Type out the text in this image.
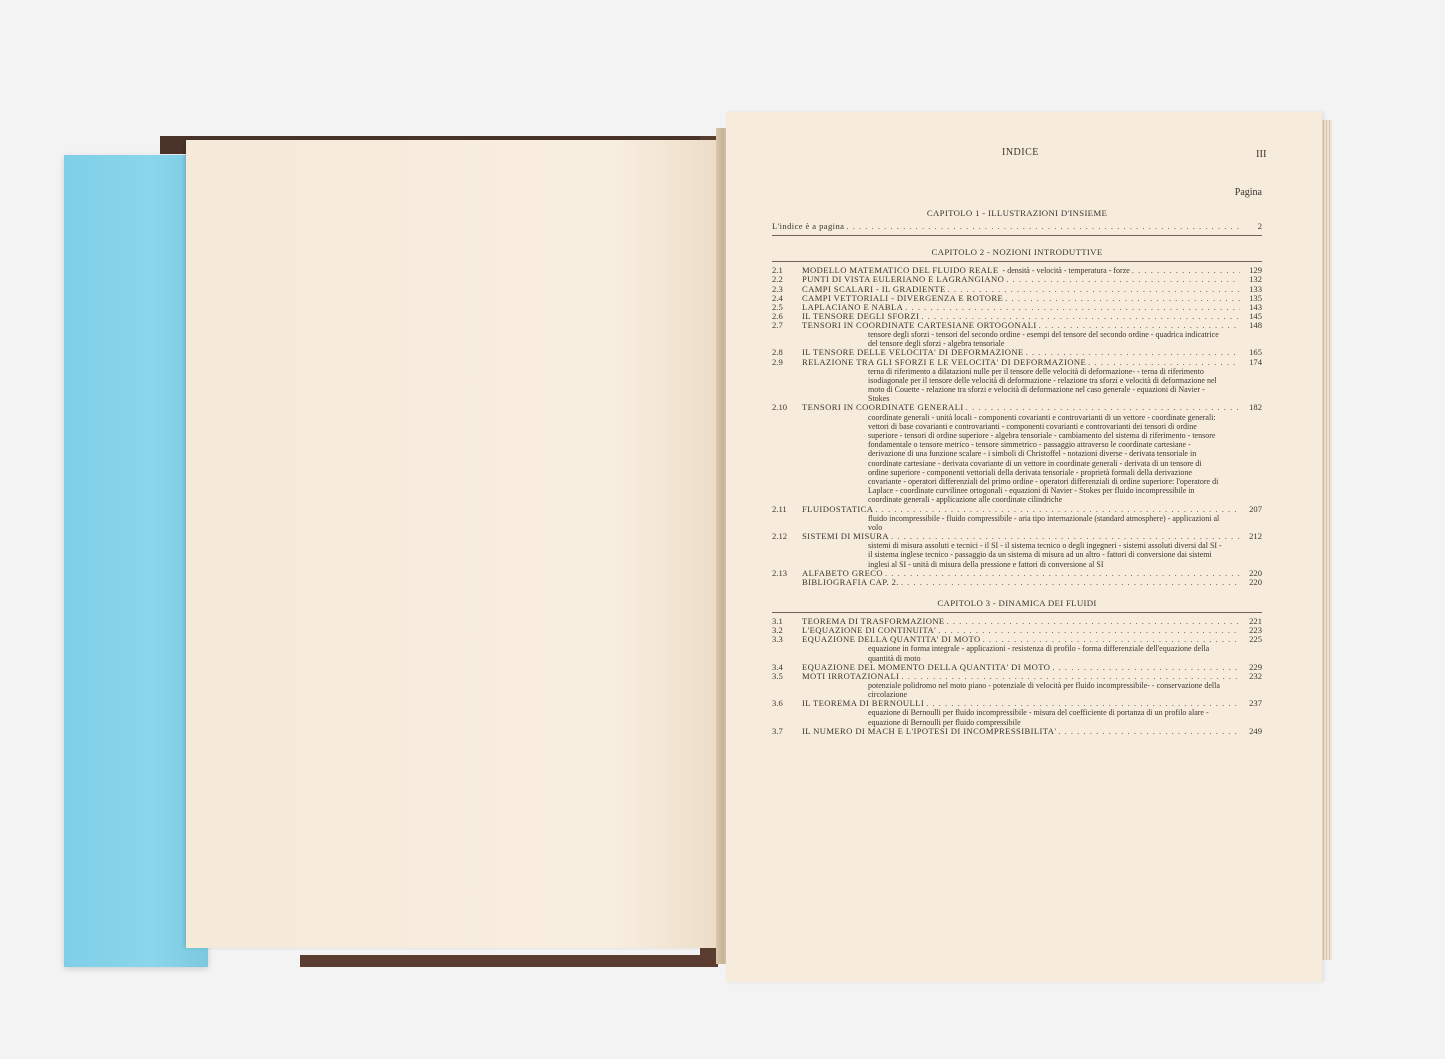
INDICE	III
Pagina
CAPITOLO 1 - ILLUSTRAZIONI D'INSIEME
L'indice è a pagina . . .	2
CAPITOLO 2 - NOZIONI INTRODUTTIVE
2.1	MODELLO MATEMATICO DEL FLUIDO REALE - densità - velocità - temperatura - forze . . .	129
2.2	PUNTI DI VISTA EULERIANO E LAGRANGIANO . . .	132
2.3	CAMPI SCALARI - IL GRADIENTE . . .	133
2.4	CAMPI VETTORIALI - DIVERGENZA E ROTORE . . .	135
2.5	LAPLACIANO E NABLA . . .	143
2.6	IL TENSORE DEGLI SFORZI . . .	145
2.7	TENSORI IN COORDINATE CARTESIANE ORTOGONALI . . .	148
tensore degli sforzi - tensori del secondo ordine - esempi del tensore del secondo ordine - quadrica indicatrice del tensore degli sforzi - algebra tensoriale
2.8	IL TENSORE DELLE VELOCITA' DI DEFORMAZIONE . . .	165
2.9	RELAZIONE TRA GLI SFORZI E LE VELOCITA' DI DEFORMAZIONE . . .	174
terna di riferimento a dilatazioni nulle per il tensore delle velocità di deformazione- - terna di riferimento isodiagonale per il tensore delle velocità di deformazione - relazione tra sforzi e velocità di deformazione nel moto di Couette - relazione tra sforzi e velocità di deformazione nel caso generale - equazioni di Navier - Stokes
2.10	TENSORI IN COORDINATE GENERALI . . .	182
coordinate generali - unità locali - componenti covarianti e controvarianti di un vettore - coordinate generali: vettori di base covarianti e controvarianti - componenti covarianti e controvarianti dei tensori di ordine superiore - tensori di ordine superiore - algebra tensoriale - cambiamento del sistema di riferimento - tensore fondamentale o tensore metrico - tensore simmetrico - passaggio attraverso le coordinate cartesiane - derivazione di una funzione scalare - i simboli di Christoffel - notazioni diverse - derivata tensoriale in coordinate cartesiane - derivata covariante di un vettore in coordinate generali - derivata di un tensore di ordine superiore - componenti vettoriali della derivata tensoriale - proprietà formali della derivazione covariante - operatori differenziali del primo ordine - operatori differenziali di ordine superiore: l'operatore di Laplace - coordinate curvilinee ortogonali - equazioni di Navier - Stokes per fluido incompressibile in coordinate generali - applicazione alle coordinate cilindriche
2.11	FLUIDOSTATICA . . .	207
fluido incompressibile - fluido compressibile - aria tipo internazionale (standard atmosphere) - applicazioni al volo
2.12	SISTEMI DI MISURA . . .	212
sistemi di misura assoluti e tecnici - il SI - il sistema tecnico o degli ingegneri - sistemi assoluti diversi dal SI - il sistema inglese tecnico - passaggio da un sistema di misura ad un altro - fattori di conversione dai sistemi inglesi al SI - unità di misura della pressione e fattori di conversione al SI
2.13	ALFABETO GRECO . . .	220
BIBLIOGRAFIA CAP. 2. . . .	220
CAPITOLO 3 - DINAMICA DEI FLUIDI
3.1	TEOREMA DI TRASFORMAZIONE . . .	221
3.2	L'EQUAZIONE DI CONTINUITA' . . .	223
3.3	EQUAZIONE DELLA QUANTITA' DI MOTO . . .	225
equazione in forma integrale - applicazioni - resistenza di profilo - forma differenziale dell'equazione della quantità di moto
3.4	EQUAZIONE DEL MOMENTO DELLA QUANTITA' DI MOTO . . .	229
3.5	MOTI IRROTAZIONALI . . .	232
potenziale polidromo nel moto piano - potenziale di velocità per fluido incompressibile- - conservazione della circolazione
3.6	IL TEOREMA DI BERNOULLI . . .	237
equazione di Bernoulli per fluido incompressibile - misura del coefficiente di portanza di un profilo alare - equazione di Bernoulli per fluido compressibile
3.7	IL NUMERO DI MACH E L'IPOTESI DI INCOMPRESSIBILITA' . . .	249
